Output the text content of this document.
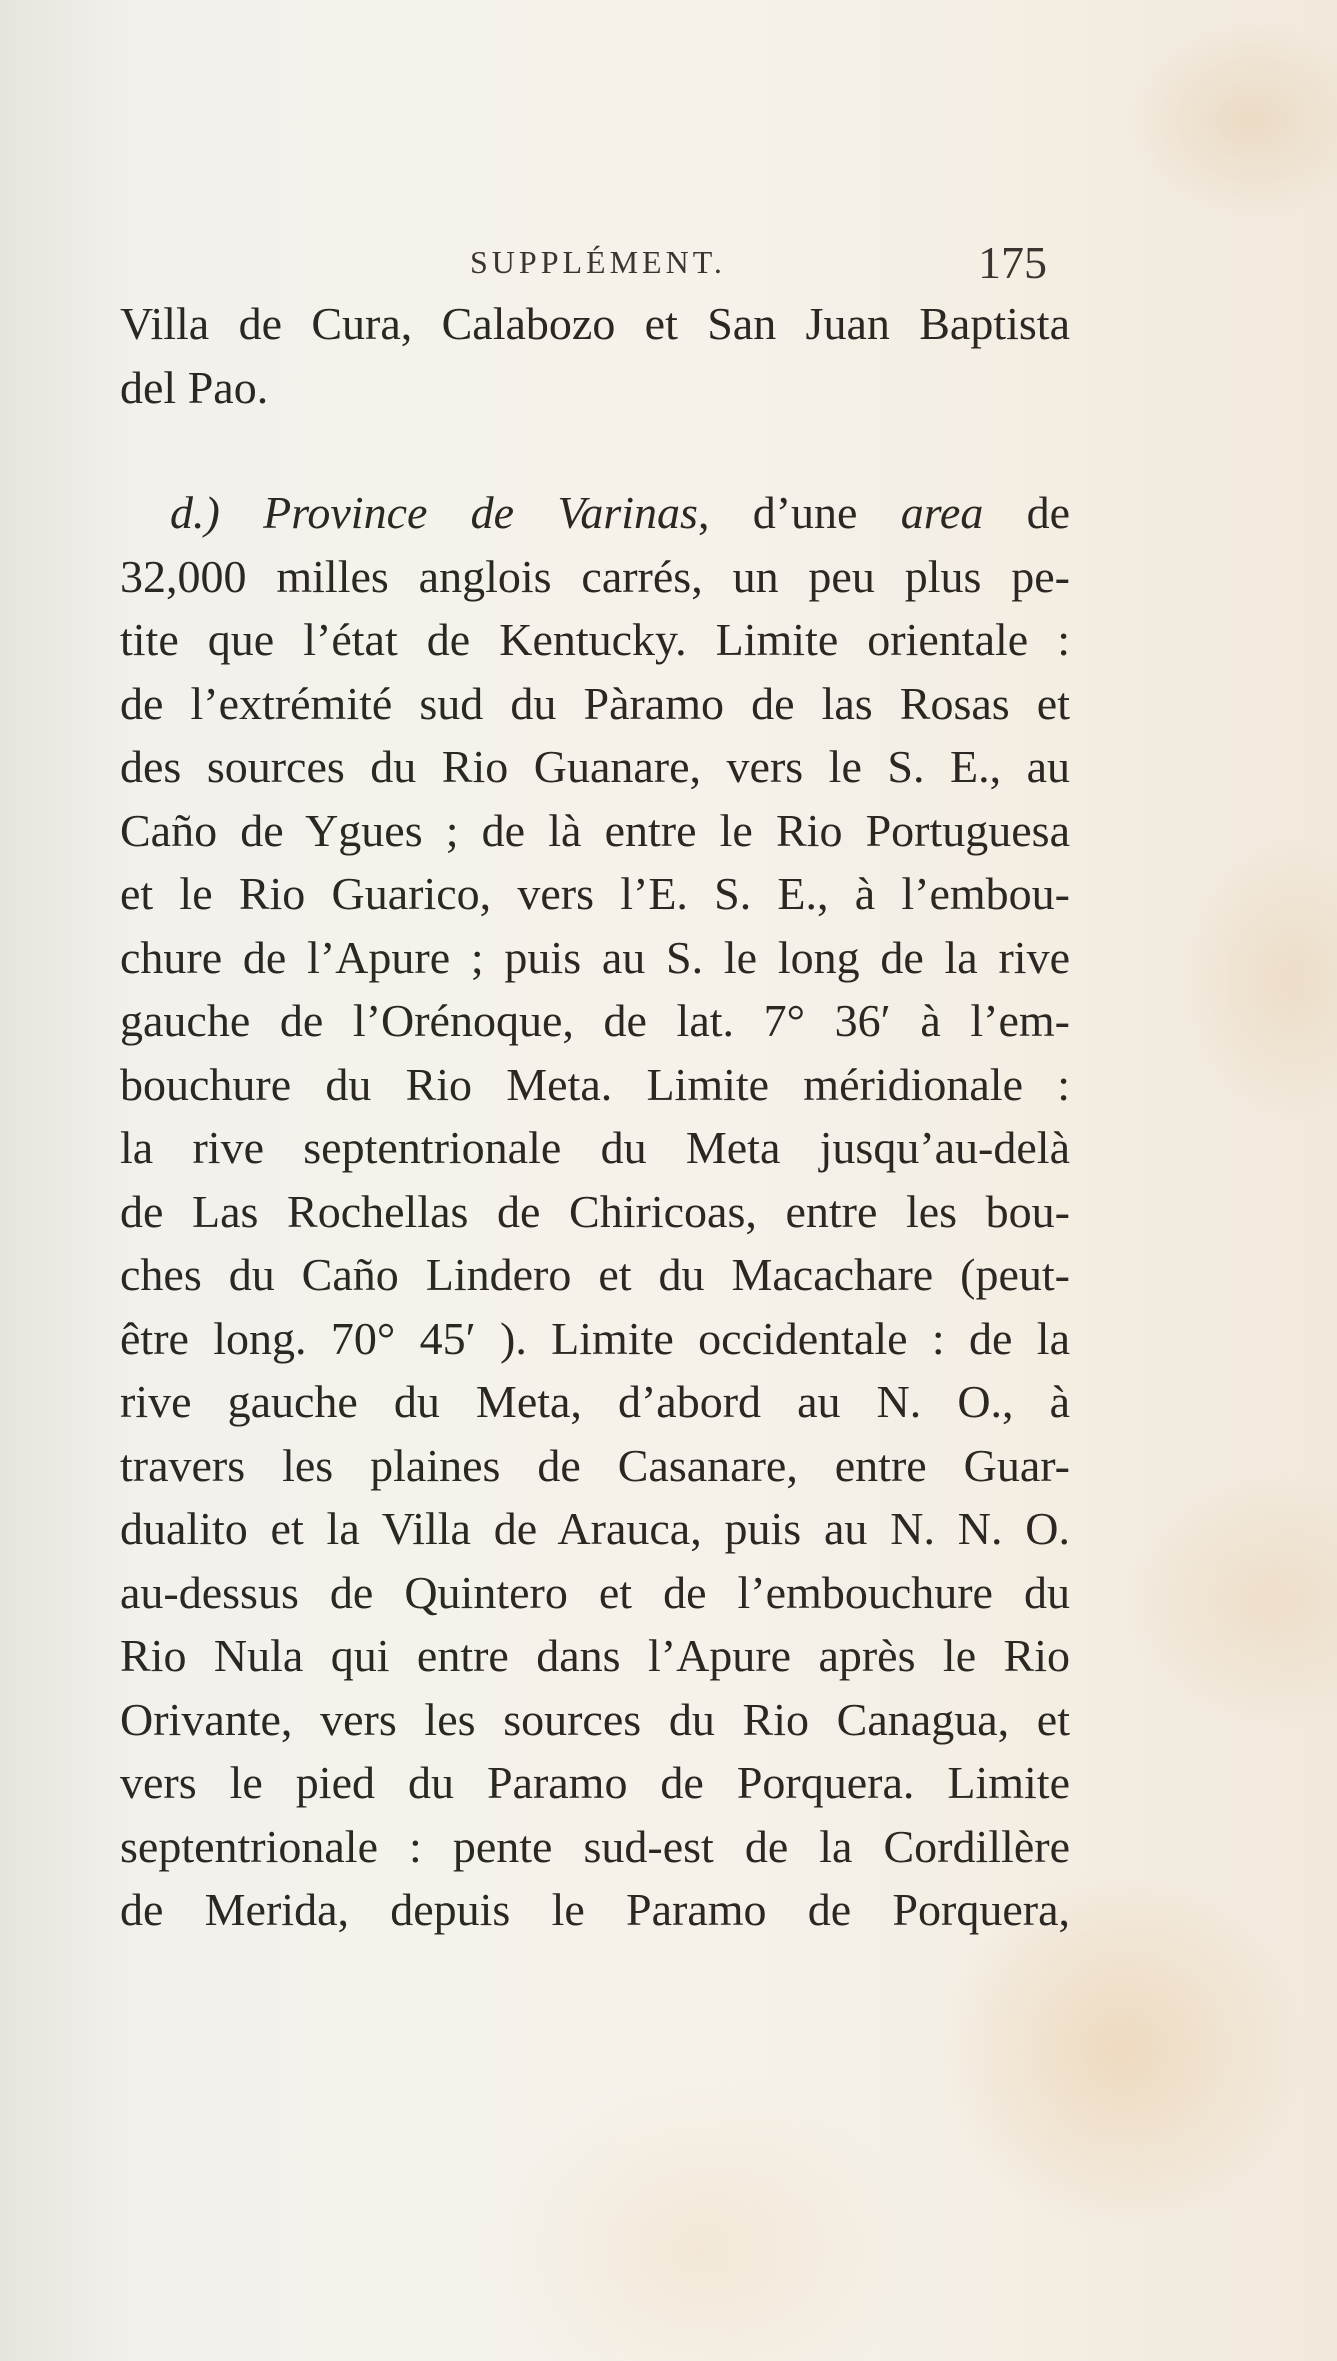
SUPPLÉMENT.	175
Villa de Cura, Calabozo et San Juan Baptista
del Pao.
d.) Province de Varinas, d’une area de
32,000 milles anglois carrés, un peu plus pe-
tite que l’état de Kentucky. Limite orientale :
de l’extrémité sud du Pàramo de las Rosas et
des sources du Rio Guanare, vers le S. E., au
Caño de Ygues ; de là entre le Rio Portuguesa
et le Rio Guarico, vers l’E. S. E., à l’embou-
chure de l’Apure ; puis au S. le long de la rive
gauche de l’Orénoque, de lat. 7° 36′ à l’em-
bouchure du Rio Meta. Limite méridionale :
la rive septentrionale du Meta jusqu’au-delà
de Las Rochellas de Chiricoas, entre les bou-
ches du Caño Lindero et du Macachare (peut-
être long. 70° 45′ ). Limite occidentale : de la
rive gauche du Meta, d’abord au N. O., à
travers les plaines de Casanare, entre Guar-
dualito et la Villa de Arauca, puis au N. N. O.
au-dessus de Quintero et de l’embouchure du
Rio Nula qui entre dans l’Apure après le Rio
Orivante, vers les sources du Rio Canagua, et
vers le pied du Paramo de Porquera. Limite
septentrionale : pente sud-est de la Cordillère
de Merida, depuis le Paramo de Porquera,
